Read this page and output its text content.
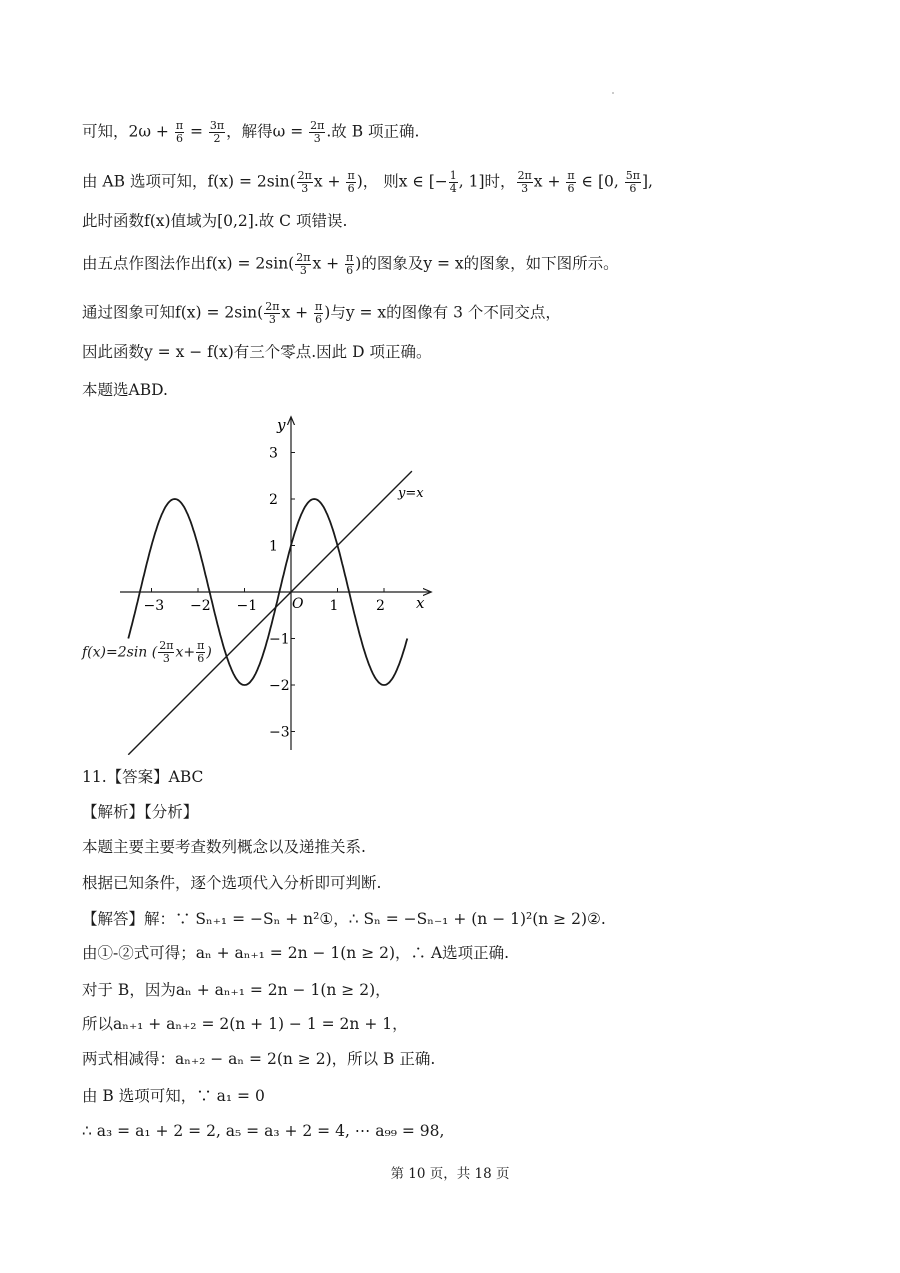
可知，$2\omega + \frac{\pi}{6} = \frac{3\pi}{2}$ ，解得$\omega = \frac{2\pi}{3}$ .故 B 项正确.
由 AB 选项可知，$f(x) = 2\sin( \frac{2\pi}{3}$ $x + \frac{\pi}{6}$ )， 则x ∈ [− $\frac{1}{4}$ , 1]时， $\frac{2\pi}{3}$ $x + \frac{\pi}{6}$ ∈ [0, $\frac{5\pi}{6}$ ],
此时函数f(x)值域为[0,2].故 C 项错误.
由五点作图法作出$f(x) = 2\sin( \frac{2\pi}{3}$ $x + \frac{\pi}{6}$ )的图象及y = x的图象，如下图所示。
通过图象可知$f(x) = 2\sin( \frac{2\pi}{3}$ $x + \frac{\pi}{6}$ )与y = x的图像有 3 个不同交点，
因此函数y = x − f(x)有三个零点.因此 D 项正确。
本题选ABD.
−3 −2 −1	1	2
−3
−2
−1
1
2
3
x
y
O
y=x
f(x)=2sin ( $\frac{2\pi}{3} x+ \frac{\pi}{6}$ )
11.【答案】ABC
【解析】【分析】
本题主要主要考查数列概念以及递推关系.
根据已知条件，逐个选项代入分析即可判断.
【解答】解：∵ Sₙ₊₁ = −Sₙ + n²①，∴ Sₙ = −Sₙ₋₁ + (n − 1)²(n ≥ 2)②.
由①-②式可得；aₙ + aₙ₊₁ = 2n − 1(n ≥ 2)，∴ A选项正确.
对于 B，因为aₙ + aₙ₊₁ = 2n − 1(n ≥ 2)，
所以aₙ₊₁ + aₙ₊₂ = 2(n + 1) − 1 = 2n + 1，
两式相减得：aₙ₊₂ − aₙ = 2(n ≥ 2)，所以 B 正确.
由 B 选项可知，∵ a₁ = 0
∴ a₃ = a₁ + 2 = 2, a₅ = a₃ + 2 = 4, ⋯ a₉₉ = 98,
第 10 页，共 18 页
